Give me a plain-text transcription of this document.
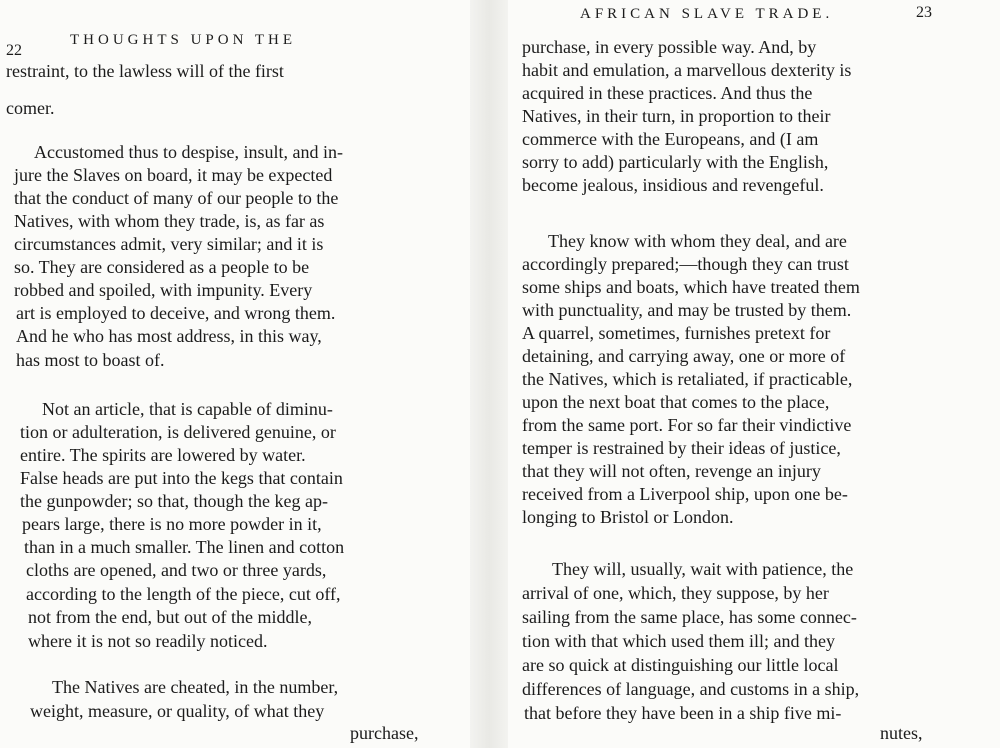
22
THOUGHTS UPON THE
restraint, to the lawless will of the first
comer.
Accustomed thus to despise, insult, and in-
jure the Slaves on board, it may be expected
that the conduct of many of our people to the
Natives, with whom they trade, is, as far as
circumstances admit, very similar; and it is
so. They are considered as a people to be
robbed and spoiled, with impunity. Every
art is employed to deceive, and wrong them.
And he who has most address, in this way,
has most to boast of.
Not an article, that is capable of diminu-
tion or adulteration, is delivered genuine, or
entire. The spirits are lowered by water.
False heads are put into the kegs that contain
the gunpowder; so that, though the keg ap-
pears large, there is no more powder in it,
than in a much smaller. The linen and cotton
cloths are opened, and two or three yards,
according to the length of the piece, cut off,
not from the end, but out of the middle,
where it is not so readily noticed.
The Natives are cheated, in the number,
weight, measure, or quality, of what they
purchase,
AFRICAN SLAVE TRADE.	23
purchase, in every possible way. And, by
habit and emulation, a marvellous dexterity is
acquired in these practices. And thus the
Natives, in their turn, in proportion to their
commerce with the Europeans, and (I am
sorry to add) particularly with the English,
become jealous, insidious and revengeful.
They know with whom they deal, and are
accordingly prepared;—though they can trust
some ships and boats, which have treated them
with punctuality, and may be trusted by them.
A quarrel, sometimes, furnishes pretext for
detaining, and carrying away, one or more of
the Natives, which is retaliated, if practicable,
upon the next boat that comes to the place,
from the same port. For so far their vindictive
temper is restrained by their ideas of justice,
that they will not often, revenge an injury
received from a Liverpool ship, upon one be-
longing to Bristol or London.
They will, usually, wait with patience, the
arrival of one, which, they suppose, by her
sailing from the same place, has some connec-
tion with that which used them ill; and they
are so quick at distinguishing our little local
differences of language, and customs in a ship,
that before they have been in a ship five mi-
nutes,
